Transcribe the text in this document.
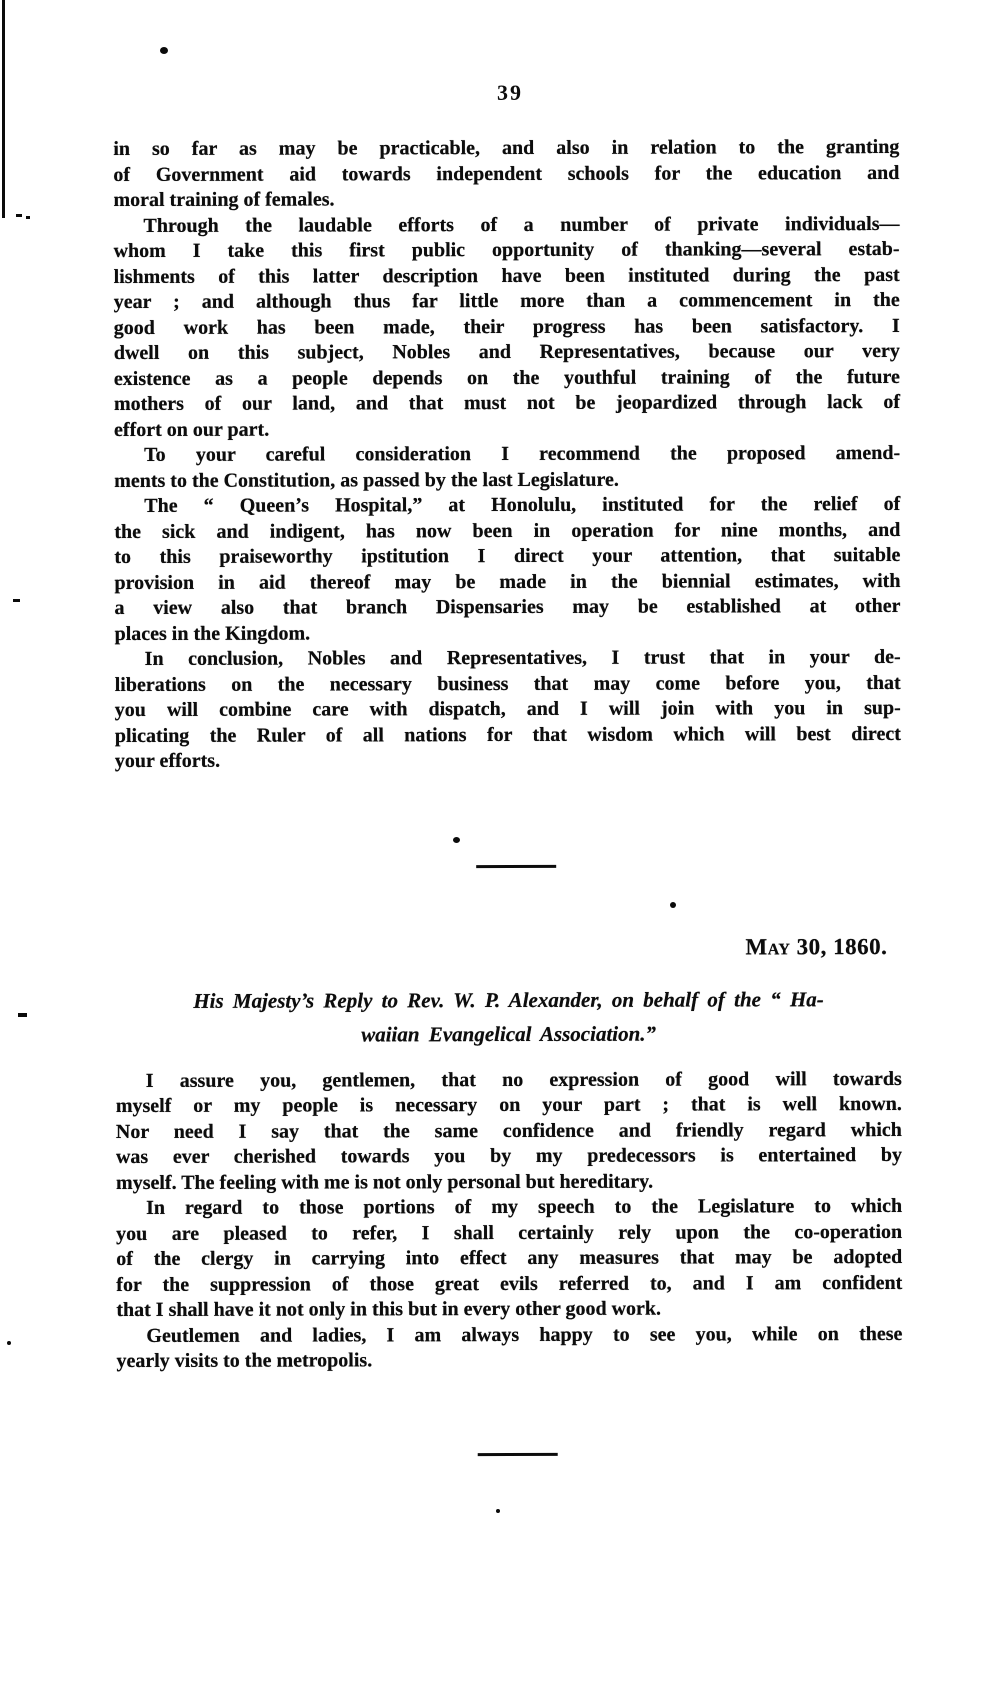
39
in so far as may be practicable, and also in relation to the granting
of Government aid towards independent schools for the education and
moral training of females.
Through the laudable efforts of a number of private individuals—
whom I take this first public opportunity of thanking—several estab-
lishments of this latter description have been instituted during the past
year ; and although thus far little more than a commencement in the
good work has been made, their progress has been satisfactory. I
dwell on this subject, Nobles and Representatives, because our very
existence as a people depends on the youthful training of the future
mothers of our land, and that must not be jeopardized through lack of
effort on our part.
To your careful consideration I recommend the proposed amend-
ments to the Constitution, as passed by the last Legislature.
The “ Queen’s Hospital,” at Honolulu, instituted for the relief of
the sick and indigent, has now been in operation for nine months, and
to this praiseworthy ipstitution I direct your attention, that suitable
provision in aid thereof may be made in the biennial estimates, with
a view also that branch Dispensaries may be established at other
places in the Kingdom.
In conclusion, Nobles and Representatives, I trust that in your de-
liberations on the necessary business that may come before you, that
you will combine care with dispatch, and I will join with you in sup-
plicating the Ruler of all nations for that wisdom which will best direct
your efforts.
May 30, 1860.
His Majesty’s Reply to Rev. W. P. Alexander, on behalf of the “ Ha-
waiian Evangelical Association.”
I assure you, gentlemen, that no expression of good will towards
myself or my people is necessary on your part ; that is well known.
Nor need I say that the same confidence and friendly regard which
was ever cherished towards you by my predecessors is entertained by
myself. The feeling with me is not only personal but hereditary.
In regard to those portions of my speech to the Legislature to which
you are pleased to refer, I shall certainly rely upon the co-operation
of the clergy in carrying into effect any measures that may be adopted
for the suppression of those great evils referred to, and I am confident
that I shall have it not only in this but in every other good work.
Geutlemen and ladies, I am always happy to see you, while on these
yearly visits to the metropolis.
